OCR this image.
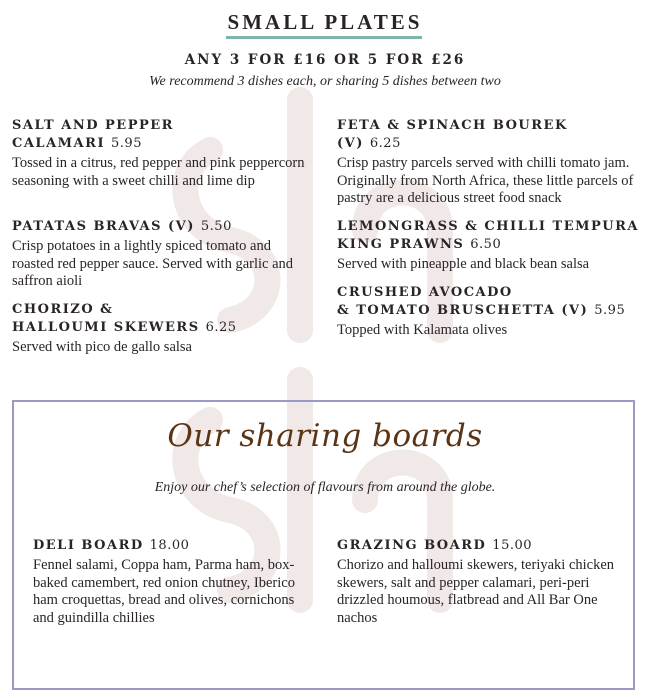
SMALL PLATES
ANY 3 FOR £16 OR 5 FOR £26
We recommend 3 dishes each, or sharing 5 dishes between two
SALT AND PEPPER
CALAMARI 5.95
Tossed in a citrus, red pepper and pink peppercorn seasoning with a sweet chilli and lime dip
PATATAS BRAVAS (V) 5.50
Crisp potatoes in a lightly spiced tomato and roasted red pepper sauce. Served with garlic and saffron aioli
CHORIZO &
HALLOUMI SKEWERS 6.25
Served with pico de gallo salsa
FETA & SPINACH BOUREK (V) 6.25
Crisp pastry parcels served with chilli tomato jam. Originally from North Africa, these little parcels of pastry are a delicious street food snack
LEMONGRASS & CHILLI TEMPURA
KING PRAWNS 6.50
Served with pineapple and black bean salsa
CRUSHED AVOCADO
& TOMATO BRUSCHETTA (V) 5.95
Topped with Kalamata olives
Our sharing boards
Enjoy our chef’s selection of flavours from around the globe.
DELI BOARD 18.00
Fennel salami, Coppa ham, Parma ham, box-baked camembert, red onion chutney, Iberico ham croquettas, bread and olives, cornichons and guindilla chillies
GRAZING BOARD 15.00
Chorizo and halloumi skewers, teriyaki chicken skewers, salt and pepper calamari, peri-peri drizzled houmous, flatbread and All Bar One nachos
